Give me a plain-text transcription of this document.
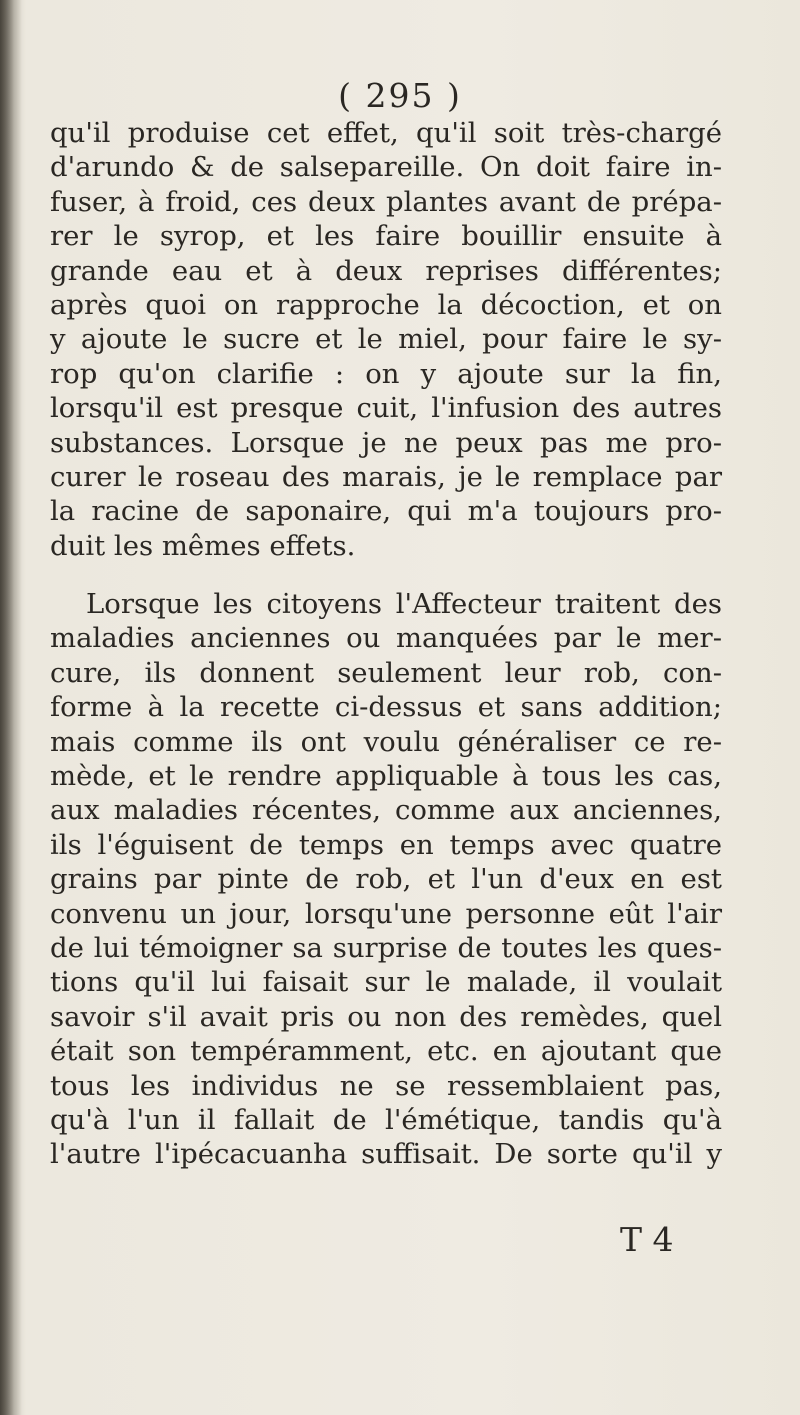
( 295 )
qu'il produise cet effet, qu'il soit très-chargé
d'arundo & de salsepareille. On doit faire in-
fuser, à froid, ces deux plantes avant de prépa-
rer le syrop, et les faire bouillir ensuite à
grande eau et à deux reprises différentes;
après quoi on rapproche la décoction, et on
y ajoute le sucre et le miel, pour faire le sy-
rop qu'on clarifie : on y ajoute sur la fin,
lorsqu'il est presque cuit, l'infusion des autres
substances. Lorsque je ne peux pas me pro-
curer le roseau des marais, je le remplace par
la racine de saponaire, qui m'a toujours pro-
duit les mêmes effets.
Lorsque les citoyens l'Affecteur traitent des
maladies anciennes ou manquées par le mer-
cure, ils donnent seulement leur rob, con-
forme à la recette ci-dessus et sans addition;
mais comme ils ont voulu généraliser ce re-
mède, et le rendre appliquable à tous les cas,
aux maladies récentes, comme aux anciennes,
ils l'éguisent de temps en temps avec quatre
grains par pinte de rob, et l'un d'eux en est
convenu un jour, lorsqu'une personne eût l'air
de lui témoigner sa surprise de toutes les ques-
tions qu'il lui faisait sur le malade, il voulait
savoir s'il avait pris ou non des remèdes, quel
était son tempéramment, etc. en ajoutant que
tous les individus ne se ressemblaient pas,
qu'à l'un il fallait de l'émétique, tandis qu'à
l'autre l'ipécacuanha suffisait. De sorte qu'il y
T 4
